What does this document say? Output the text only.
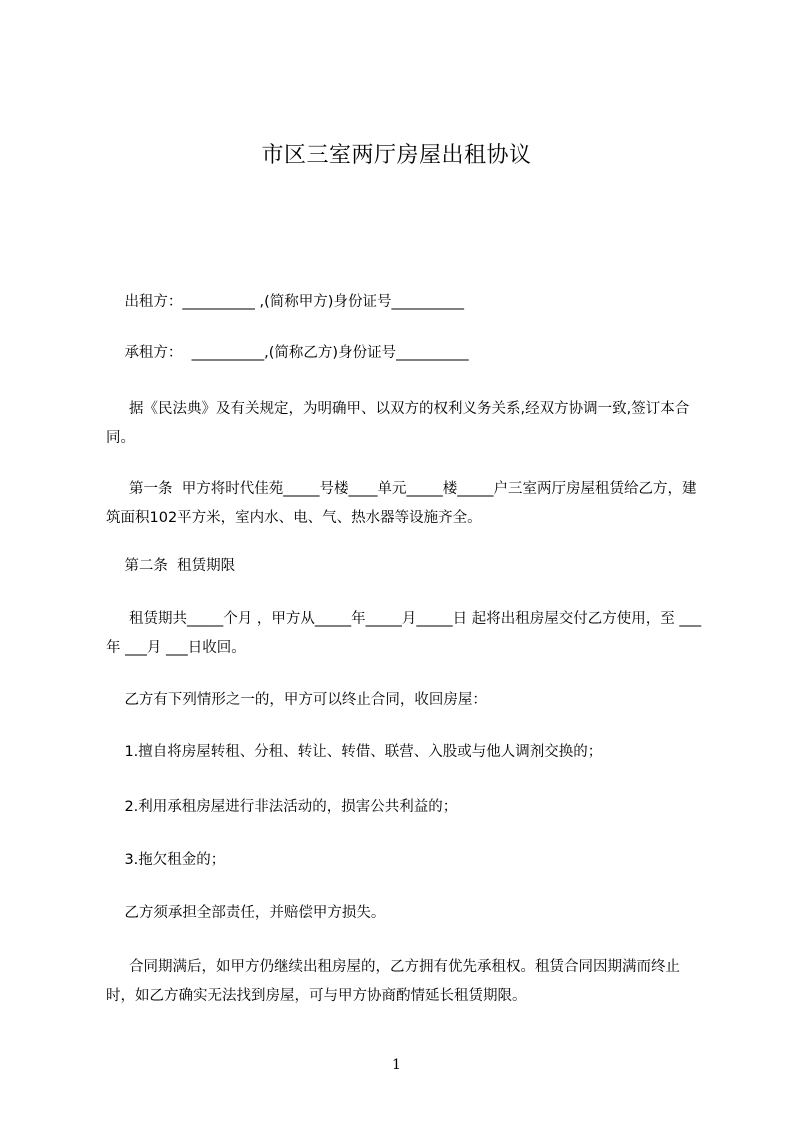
市区三室两厅房屋出租协议
出租方：__________ ,(简称甲方)身份证号__________
承租方：  __________,(简称乙方)身份证号__________
据《民法典》及有关规定，为明确甲、以双方的权利义务关系,经双方协调一致,签订本合同。
第一条  甲方将时代佳苑_____号楼____单元_____楼_____户三室两厅房屋租赁给乙方，建筑面积102平方米，室内水、电、气、热水器等设施齐全。
第二条  租赁期限
租赁期共_____个月 ，甲方从_____年_____月_____日 起将出租房屋交付乙方使用，至 ___年 ___月 ___日收回。
乙方有下列情形之一的，甲方可以终止合同，收回房屋：
1.擅自将房屋转租、分租、转让、转借、联营、入股或与他人调剂交换的；
2.利用承租房屋进行非法活动的，损害公共利益的；
3.拖欠租金的；
乙方须承担全部责任，并赔偿甲方损失。
合同期满后，如甲方仍继续出租房屋的，乙方拥有优先承租权。租赁合同因期满而终止时，如乙方确实无法找到房屋，可与甲方协商酌情延长租赁期限。
1
